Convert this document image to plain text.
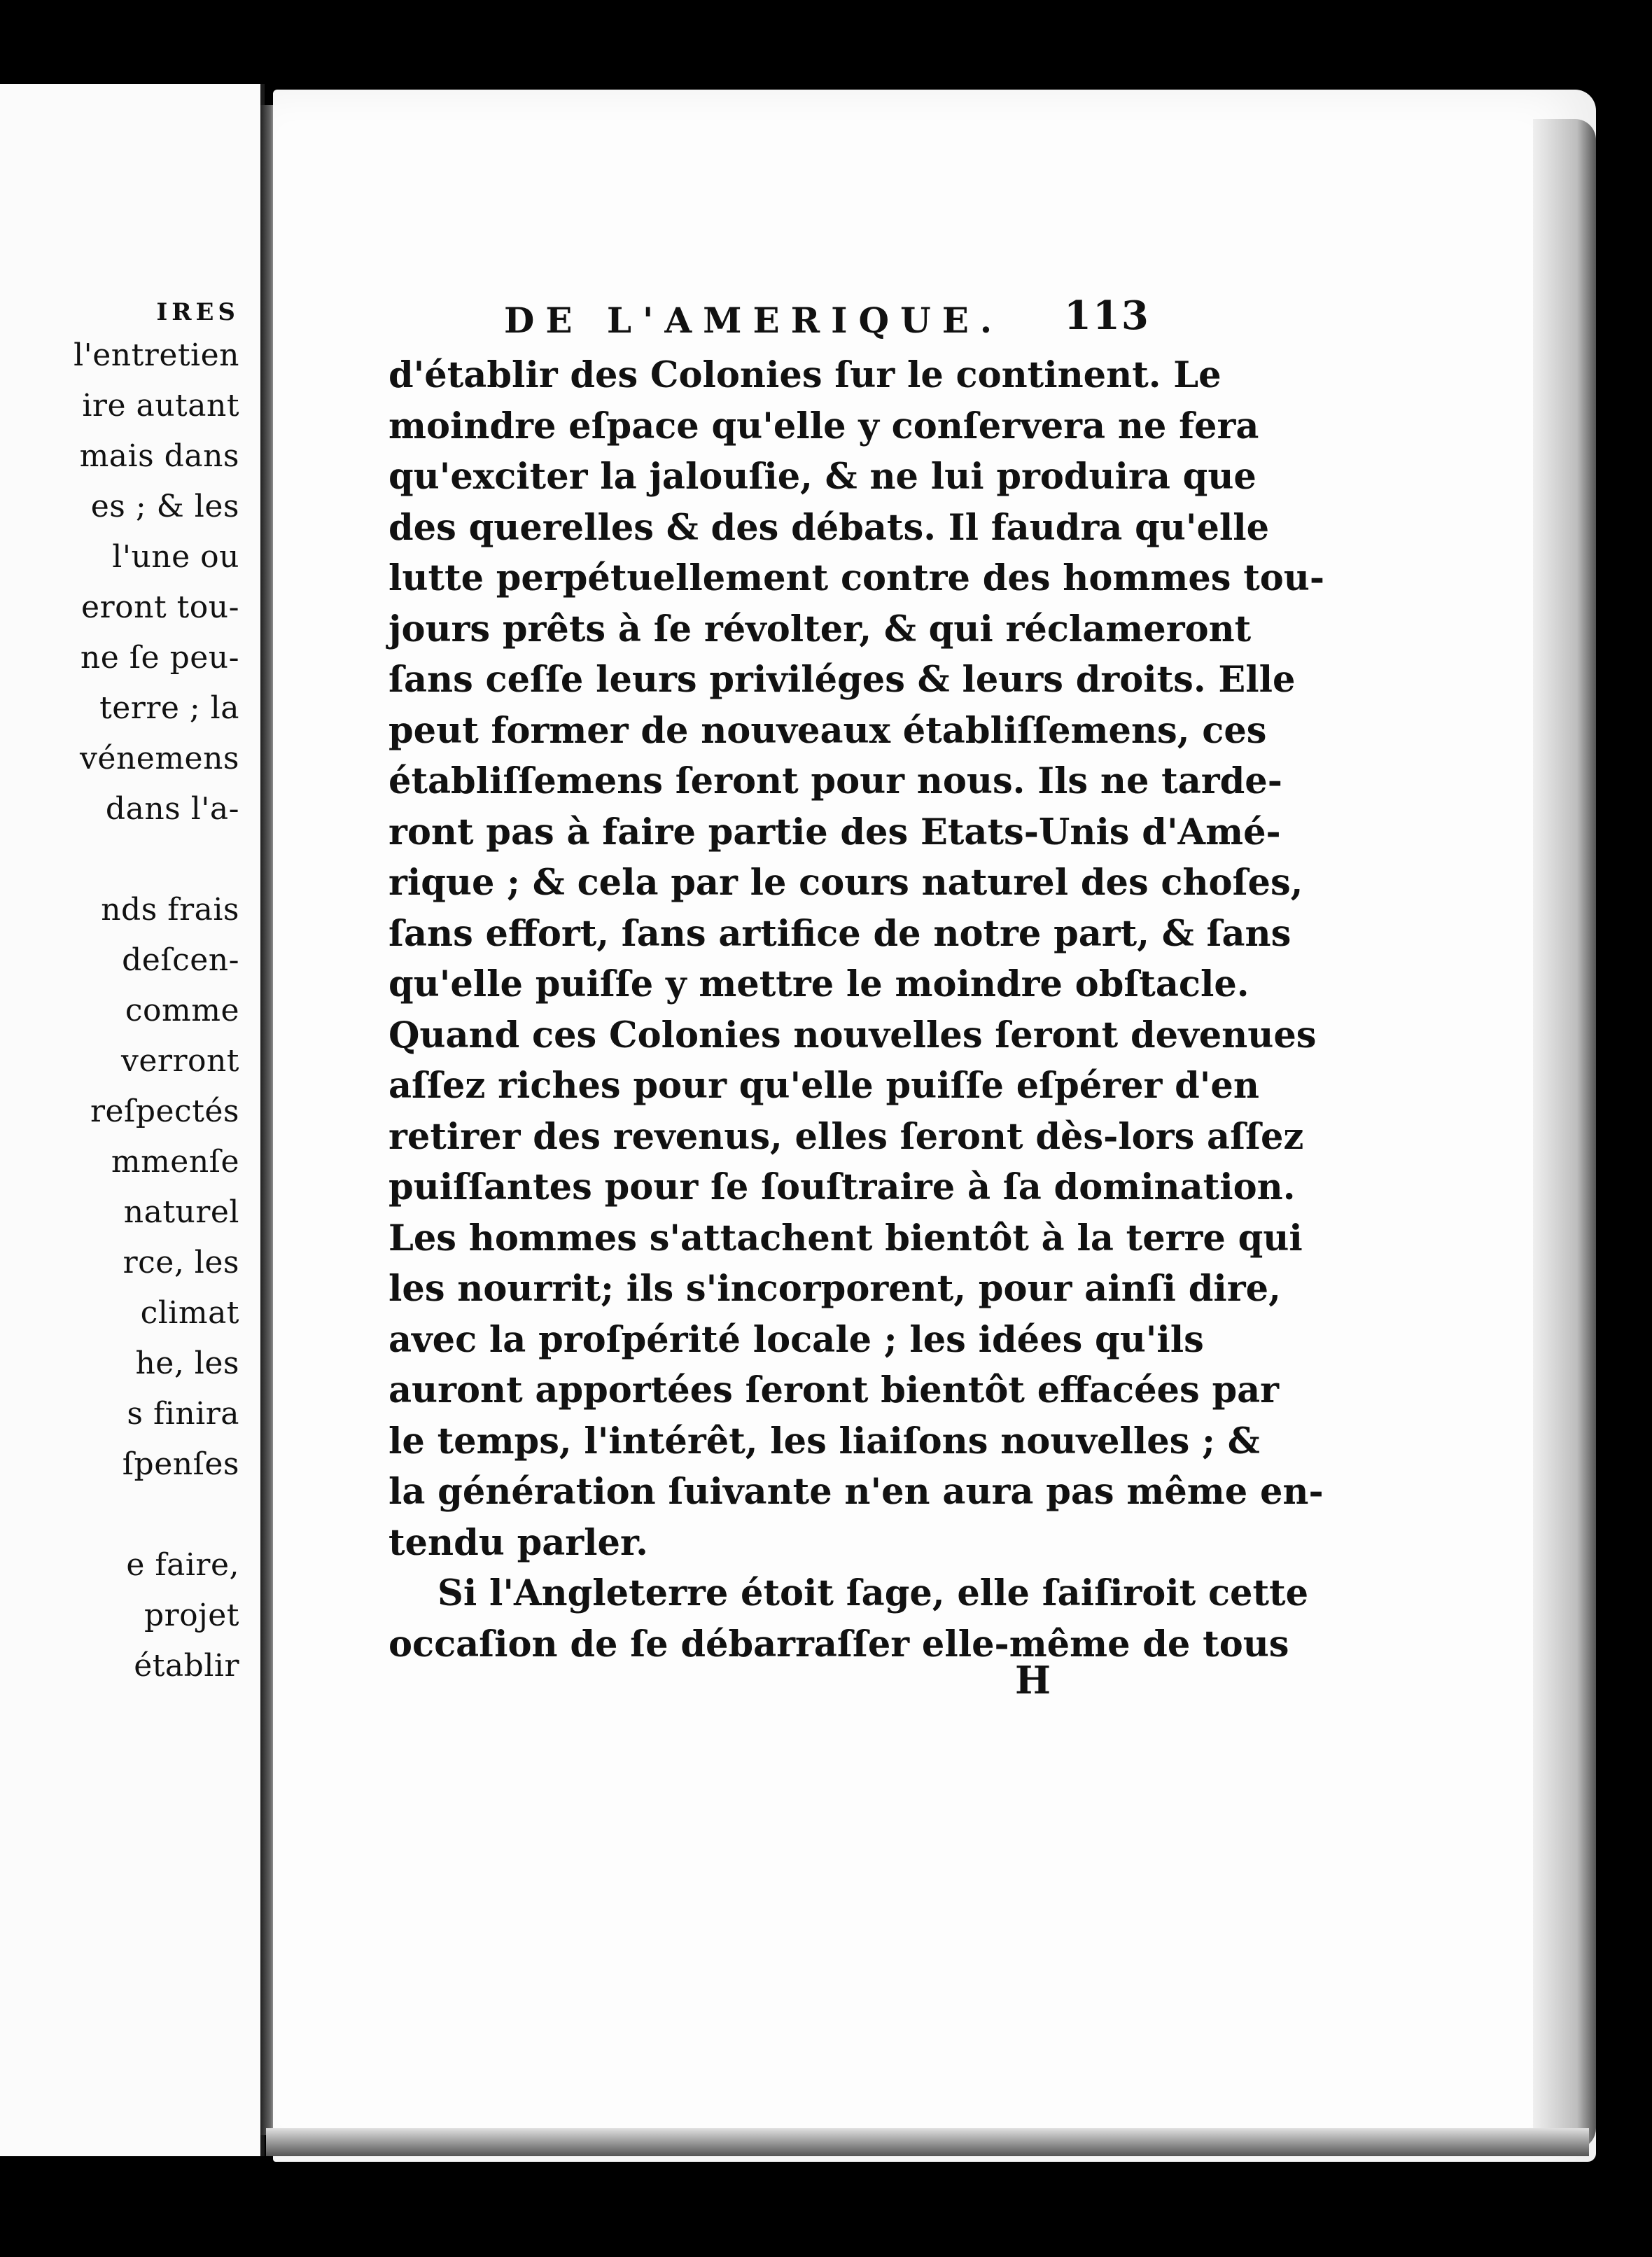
IRES
l'entretien
ire autant
mais dans
es ; & les
l'une ou
eront tou-
ne ſe peu-
terre ; la
vénemens
dans l'a-
nds frais
deſcen-
comme
verront
reſpectés
mmenſe
naturel
rce, les
climat
he, les
s finira
ſpenſes
e faire,
projet
établir
DE L'AMERIQUE.	113
d'établir des Colonies ſur le continent. Le
moindre eſpace qu'elle y conſervera ne fera
qu'exciter la jalouſie, & ne lui produira que
des querelles & des débats. Il faudra qu'elle
lutte perpétuellement contre des hommes tou-
jours prêts à ſe révolter, & qui réclameront
ſans ceſſe leurs priviléges & leurs droits. Elle
peut former de nouveaux établiſſemens, ces
établiſſemens ſeront pour nous. Ils ne tarde-
ront pas à faire partie des Etats-Unis d'Amé-
rique ; & cela par le cours naturel des choſes,
ſans effort, ſans artifice de notre part, & ſans
qu'elle puiſſe y mettre le moindre obſtacle.
Quand ces Colonies nouvelles ſeront devenues
aſſez riches pour qu'elle puiſſe eſpérer d'en
retirer des revenus, elles ſeront dès-lors aſſez
puiſſantes pour ſe ſouſtraire à ſa domination.
Les hommes s'attachent bientôt à la terre qui
les nourrit; ils s'incorporent, pour ainſi dire,
avec la proſpérité locale ; les idées qu'ils
auront apportées ſeront bientôt effacées par
le temps, l'intérêt, les liaiſons nouvelles ; &
la génération ſuivante n'en aura pas même en-
tendu parler.
Si l'Angleterre étoit ſage, elle ſaiſiroit cette
occaſion de ſe débarraſſer elle-même de tous
H
